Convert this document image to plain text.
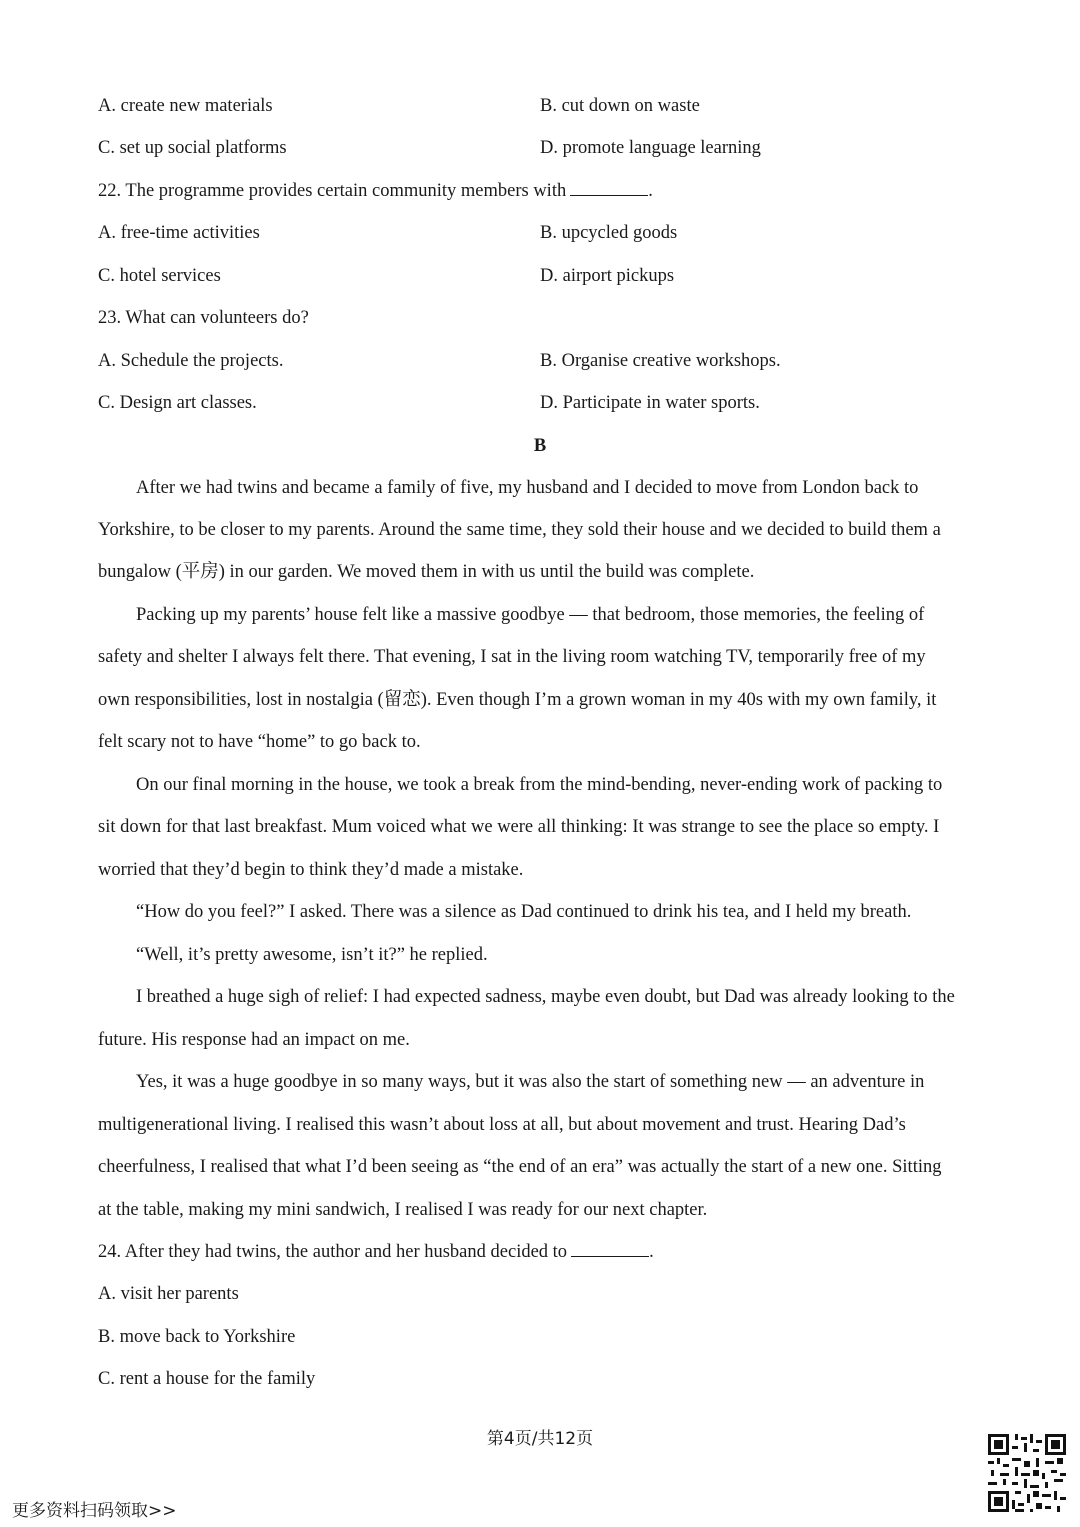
A. create new materials	B. cut down on waste
C. set up social platforms	D. promote language learning
22. The programme provides certain community members with	.
A. free-time activities	B. upcycled goods
C. hotel services	D. airport pickups
23. What can volunteers do?
A. Schedule the projects.	B. Organise creative workshops.
C. Design art classes.	D. Participate in water sports.
B
After we had twins and became a family of five, my husband and I decided to move from London back to
Yorkshire, to be closer to my parents. Around the same time, they sold their house and we decided to build them a
bungalow (平房) in our garden. We moved them in with us until the build was complete.
Packing up my parents’ house felt like a massive goodbye — that bedroom, those memories, the feeling of
safety and shelter I always felt there. That evening, I sat in the living room watching TV, temporarily free of my
own responsibilities, lost in nostalgia (留恋). Even though I’m a grown woman in my 40s with my own family, it
felt scary not to have “home” to go back to.
On our final morning in the house, we took a break from the mind-bending, never-ending work of packing to
sit down for that last breakfast. Mum voiced what we were all thinking: It was strange to see the place so empty. I
worried that they’d begin to think they’d made a mistake.
“How do you feel?” I asked. There was a silence as Dad continued to drink his tea, and I held my breath.
“Well, it’s pretty awesome, isn’t it?” he replied.
I breathed a huge sigh of relief: I had expected sadness, maybe even doubt, but Dad was already looking to the
future. His response had an impact on me.
Yes, it was a huge goodbye in so many ways, but it was also the start of something new — an adventure in
multigenerational living. I realised this wasn’t about loss at all, but about movement and trust. Hearing Dad’s
cheerfulness, I realised that what I’d been seeing as “the end of an era” was actually the start of a new one. Sitting
at the table, making my mini sandwich, I realised I was ready for our next chapter.
24. After they had twins, the author and her husband decided to	.
A. visit her parents
B. move back to Yorkshire
C. rent a house for the family
第4页/共12页
更多资料扫码领取>>
